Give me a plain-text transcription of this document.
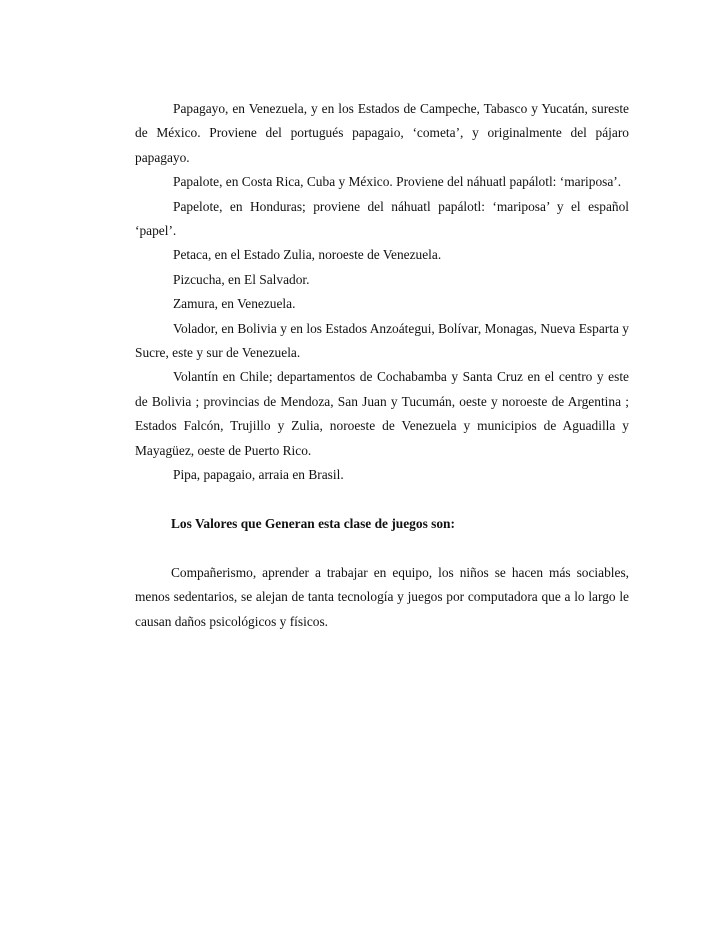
Papagayo, en Venezuela, y en los Estados de Campeche, Tabasco y Yucatán, sureste de México. Proviene del portugués papagaio, ‘cometa’, y originalmente del pájaro papagayo.

Papalote, en Costa Rica, Cuba y México. Proviene del náhuatl papálotl: ‘mariposa’.

Papelote, en Honduras; proviene del náhuatl papálotl: ‘mariposa’ y el español ‘papel’.

Petaca, en el Estado Zulia, noroeste de Venezuela.

Pizcucha, en El Salvador.

Zamura, en Venezuela.

Volador, en Bolivia y en los Estados Anzoátegui, Bolívar, Monagas, Nueva Esparta y Sucre, este y sur de Venezuela.

Volantín en Chile; departamentos de Cochabamba y Santa Cruz en el centro y este de Bolivia ; provincias de Mendoza, San Juan y Tucumán, oeste y noroeste de Argentina ; Estados Falcón, Trujillo y Zulia, noroeste de Venezuela y municipios de Aguadilla y Mayagüez, oeste de Puerto Rico.

Pipa, papagaio, arraia en Brasil.

Los Valores que Generan esta clase de juegos son:

Compañerismo, aprender a trabajar en equipo, los niños se hacen más sociables, menos sedentarios, se alejan de tanta tecnología y juegos por computadora que a lo largo le causan daños psicológicos y físicos.
